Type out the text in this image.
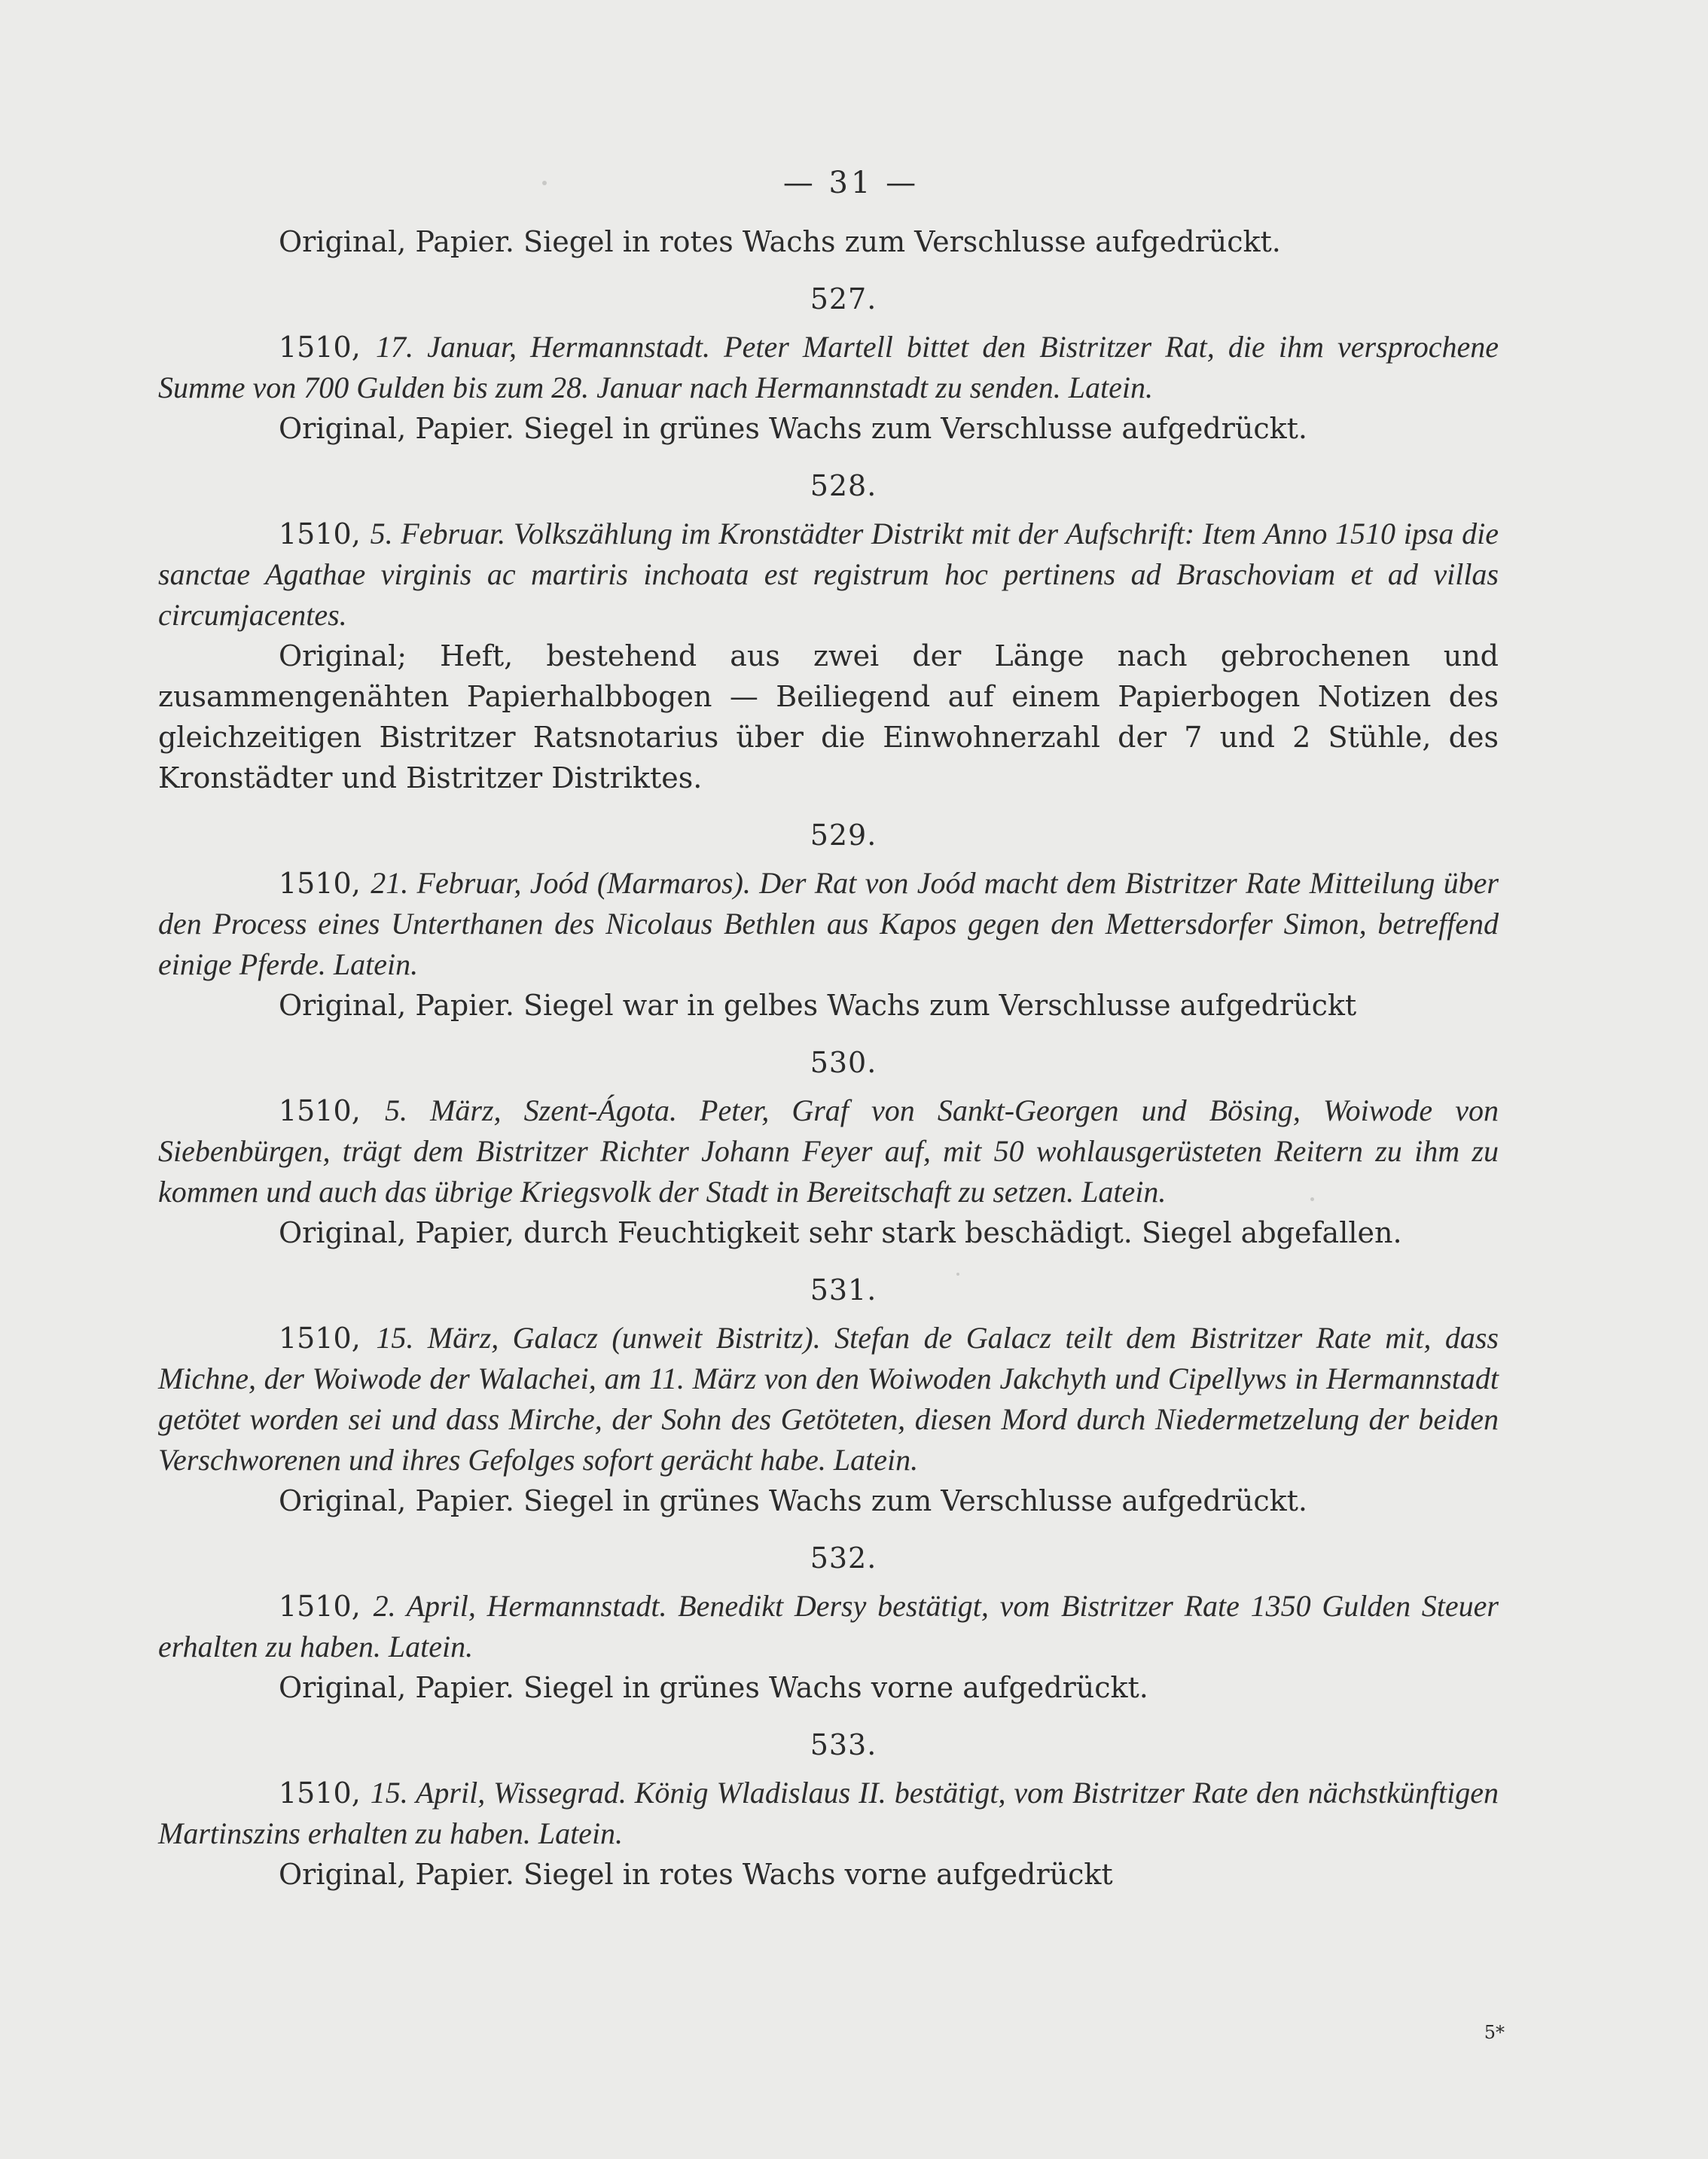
— 31 —

Original, Papier. Siegel in rotes Wachs zum Verschlusse aufgedrückt.

527.

1510, 17. Januar, Hermannstadt. Peter Martell bittet den Bistritzer Rat, die ihm versprochene Summe von 700 Gulden bis zum 28. Januar nach Hermannstadt zu senden. Latein.

Original, Papier. Siegel in grünes Wachs zum Verschlusse aufgedrückt.

528.

1510, 5. Februar. Volkszählung im Kronstädter Distrikt mit der Aufschrift: Item Anno 1510 ipsa die sanctae Agathae virginis ac martiris inchoata est registrum hoc pertinens ad Braschoviam et ad villas circumjacentes.

Original; Heft, bestehend aus zwei der Länge nach gebrochenen und zusammengenähten Papierhalbbogen — Beiliegend auf einem Papierbogen Notizen des gleichzeitigen Bistritzer Ratsnotarius über die Einwohnerzahl der 7 und 2 Stühle, des Kronstädter und Bistritzer Distriktes.

529.

1510, 21. Februar, Joód (Marmaros). Der Rat von Joód macht dem Bistritzer Rate Mitteilung über den Process eines Unterthanen des Nicolaus Bethlen aus Kapos gegen den Mettersdorfer Simon, betreffend einige Pferde. Latein.

Original, Papier. Siegel war in gelbes Wachs zum Verschlusse aufgedrückt

530.

1510, 5. März, Szent-Ágota. Peter, Graf von Sankt-Georgen und Bösing, Woiwode von Siebenbürgen, trägt dem Bistritzer Richter Johann Feyer auf, mit 50 wohlausgerüsteten Reitern zu ihm zu kommen und auch das übrige Kriegsvolk der Stadt in Bereitschaft zu setzen. Latein.

Original, Papier, durch Feuchtigkeit sehr stark beschädigt. Siegel abgefallen.

531.

1510, 15. März, Galacz (unweit Bistritz). Stefan de Galacz teilt dem Bistritzer Rate mit, dass Michne, der Woiwode der Walachei, am 11. März von den Woiwoden Jakchyth und Cipellyws in Hermannstadt getötet worden sei und dass Mirche, der Sohn des Getöteten, diesen Mord durch Niedermetzelung der beiden Verschworenen und ihres Gefolges sofort gerächt habe. Latein.

Original, Papier. Siegel in grünes Wachs zum Verschlusse aufgedrückt.

532.

1510, 2. April, Hermannstadt. Benedikt Dersy bestätigt, vom Bistritzer Rate 1350 Gulden Steuer erhalten zu haben. Latein.

Original, Papier. Siegel in grünes Wachs vorne aufgedrückt.

533.

1510, 15. April, Wissegrad. König Wladislaus II. bestätigt, vom Bistritzer Rate den nächstkünftigen Martinszins erhalten zu haben. Latein.

Original, Papier. Siegel in rotes Wachs vorne aufgedrückt

5*
